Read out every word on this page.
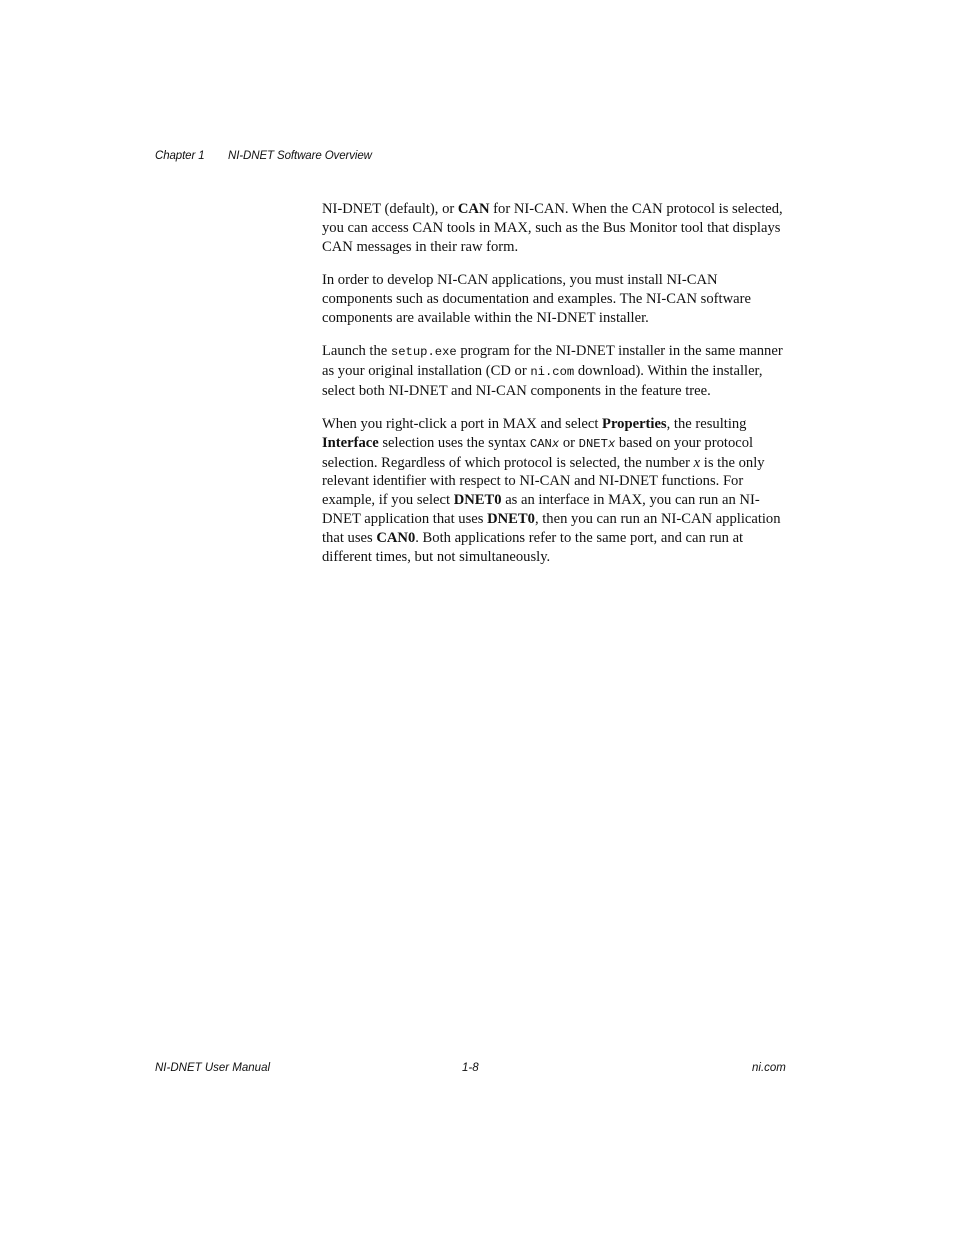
Chapter 1 NI-DNET Software Overview

NI-DNET (default), or CAN for NI-CAN. When the CAN protocol is selected, you can access CAN tools in MAX, such as the Bus Monitor tool that displays CAN messages in their raw form.

In order to develop NI-CAN applications, you must install NI-CAN components such as documentation and examples. The NI-CAN software components are available within the NI-DNET installer.

Launch the setup.exe program for the NI-DNET installer in the same manner as your original installation (CD or ni.com download). Within the installer, select both NI-DNET and NI-CAN components in the feature tree.

When you right-click a port in MAX and select Properties, the resulting Interface selection uses the syntax CANx or DNETx based on your protocol selection. Regardless of which protocol is selected, the number x is the only relevant identifier with respect to NI-CAN and NI-DNET functions. For example, if you select DNET0 as an interface in MAX, you can run an NI-DNET application that uses DNET0, then you can run an NI-CAN application that uses CAN0. Both applications refer to the same port, and can run at different times, but not simultaneously.

NI-DNET User Manual	1-8	ni.com
